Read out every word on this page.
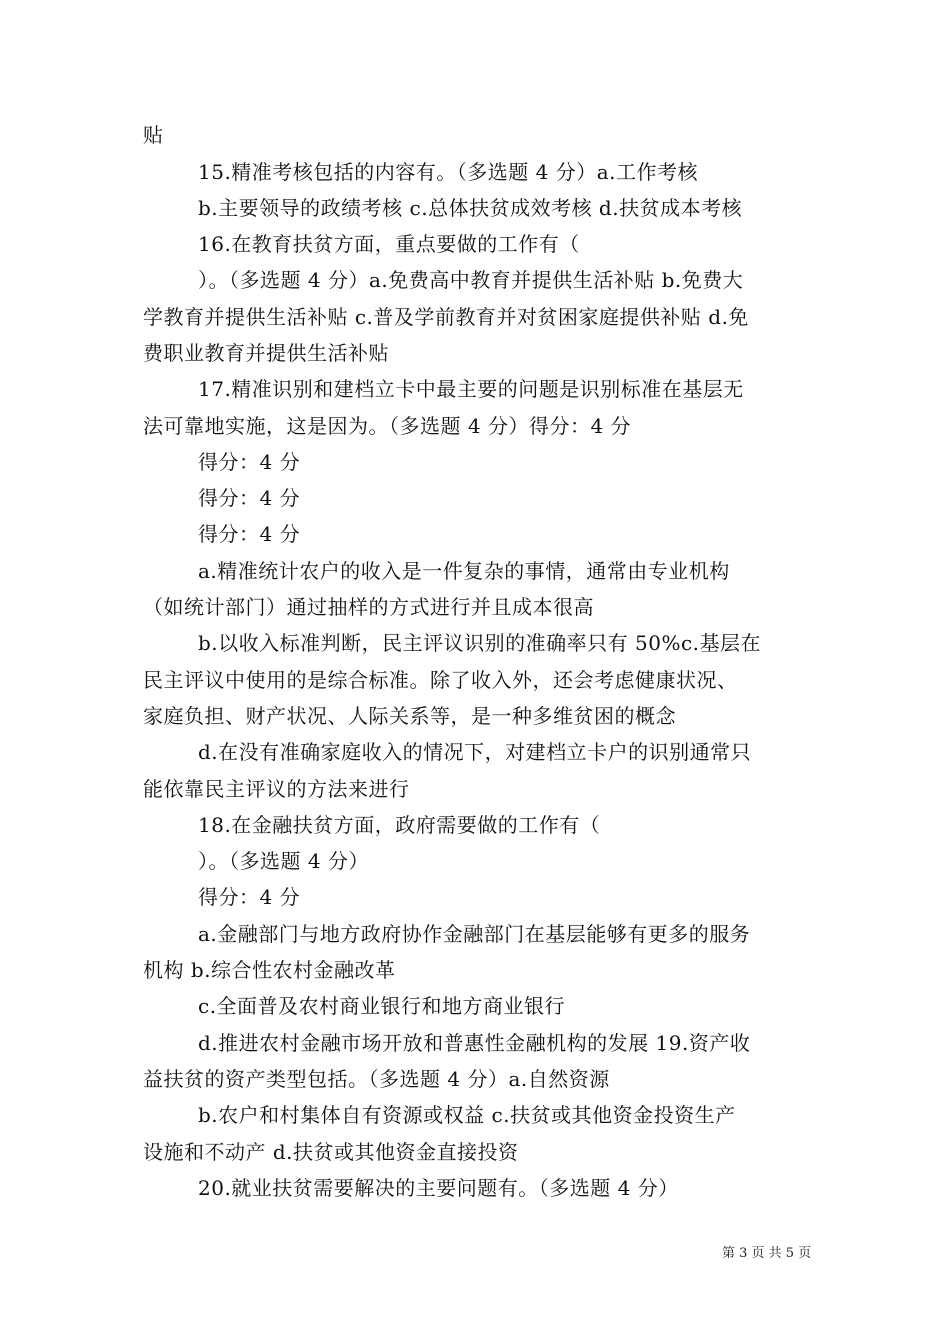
贴
15.精准考核包括的内容有。（多选题 4 分）a.工作考核
b.主要领导的政绩考核 c.总体扶贫成效考核 d.扶贫成本考核
16.在教育扶贫方面，重点要做的工作有（
）。（多选题 4 分）a.免费高中教育并提供生活补贴 b.免费大
学教育并提供生活补贴 c.普及学前教育并对贫困家庭提供补贴 d.免
费职业教育并提供生活补贴
17.精准识别和建档立卡中最主要的问题是识别标准在基层无
法可靠地实施，这是因为。（多选题 4 分）得分：4 分
得分：4 分
得分：4 分
得分：4 分
a.精准统计农户的收入是一件复杂的事情，通常由专业机构
（如统计部门）通过抽样的方式进行并且成本很高
b.以收入标准判断，民主评议识别的准确率只有 50%c.基层在
民主评议中使用的是综合标准。除了收入外，还会考虑健康状况、
家庭负担、财产状况、人际关系等，是一种多维贫困的概念
d.在没有准确家庭收入的情况下，对建档立卡户的识别通常只
能依靠民主评议的方法来进行
18.在金融扶贫方面，政府需要做的工作有（
）。（多选题 4 分）
得分：4 分
a.金融部门与地方政府协作金融部门在基层能够有更多的服务
机构 b.综合性农村金融改革
c.全面普及农村商业银行和地方商业银行
d.推进农村金融市场开放和普惠性金融机构的发展 19.资产收
益扶贫的资产类型包括。（多选题 4 分）a.自然资源
b.农户和村集体自有资源或权益 c.扶贫或其他资金投资生产
设施和不动产 d.扶贫或其他资金直接投资
20.就业扶贫需要解决的主要问题有。（多选题 4 分）
第 3 页 共 5 页
